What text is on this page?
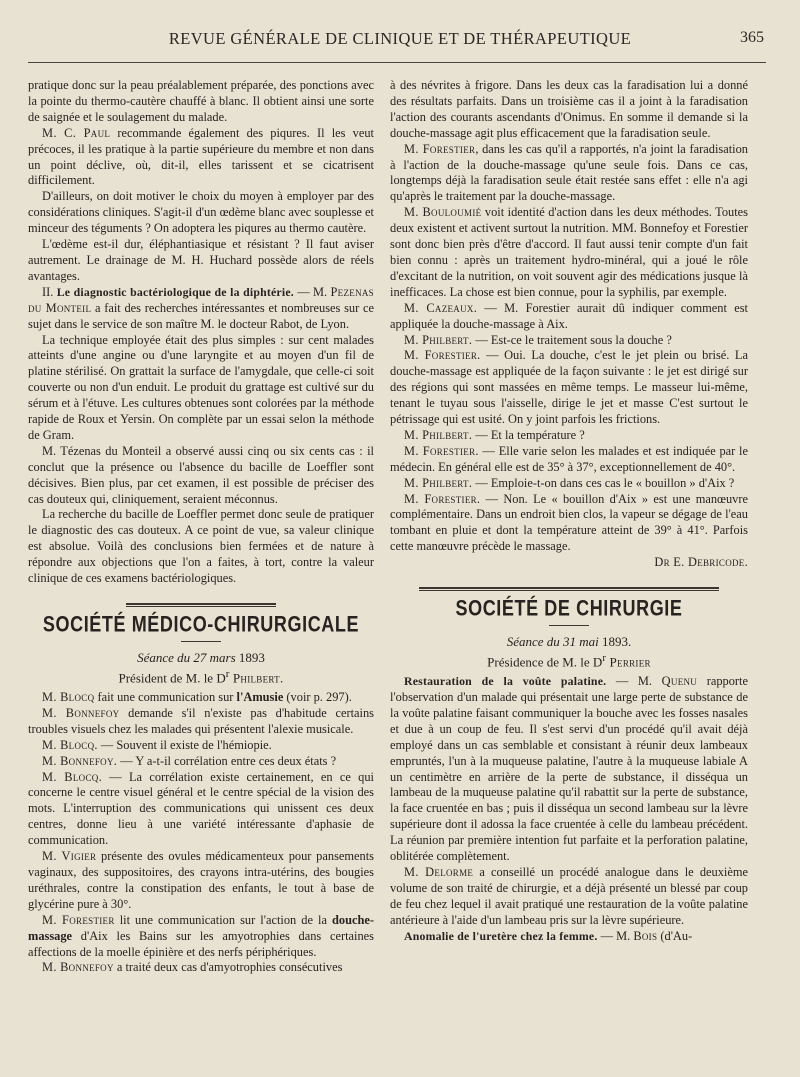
REVUE GÉNÉRALE DE CLINIQUE ET DE THÉRAPEUTIQUE	365

pratique donc sur la peau préalablement préparée, des ponctions avec la pointe du thermo-cautère chauffé à blanc. Il obtient ainsi une sorte de saignée et le soulagement du malade.

M. C. Paul recommande également des piqures. Il les veut précoces, il les pratique à la partie supérieure du membre et non dans un point déclive, où, dit-il, elles tarissent et se cicatrisent difficilement.

D'ailleurs, on doit motiver le choix du moyen à employer par des considérations cliniques. S'agit-il d'un œdème blanc avec souplesse et minceur des téguments ? On adoptera les piqures au thermo cautère.

L'œdème est-il dur, éléphantiasique et résistant ? Il faut aviser autrement. Le drainage de M. H. Huchard possède alors de réels avantages.

II. Le diagnostic bactériologique de la diphtérie. — M. Pezenas du Monteil a fait des recherches intéressantes et nombreuses sur ce sujet dans le service de son maître M. le docteur Rabot, de Lyon.

La technique employée était des plus simples : sur cent malades atteints d'une angine ou d'une laryngite et au moyen d'un fil de platine stérilisé. On grattait la surface de l'amygdale, que celle-ci soit couverte ou non d'un enduit. Le produit du grattage est cultivé sur du sérum et à l'étuve. Les cultures obtenues sont colorées par la méthode rapide de Roux et Yersin. On complète par un essai selon la méthode de Gram.

M. Tézenas du Monteil a observé aussi cinq ou six cents cas : il conclut que la présence ou l'absence du bacille de Loeffler sont décisives. Bien plus, par cet examen, il est possible de préciser des cas douteux qui, cliniquement, seraient méconnus.

La recherche du bacille de Loeffler permet donc seule de pratiquer le diagnostic des cas douteux. A ce point de vue, sa valeur clinique est absolue. Voilà des conclusions bien fermées et de nature à répondre aux objections que l'on a faites, à tort, contre la valeur clinique de ces examens bactériologiques.

SOCIÉTÉ MÉDICO-CHIRURGICALE
Séance du 27 mars 1893
Président de M. le $D^r$ Philbert.

M. Blocq fait une communication sur l'Amusie (voir p. 297).

M. Bonnefoy demande s'il n'existe pas d'habitude certains troubles visuels chez les malades qui présentent l'alexie musicale.

M. Blocq. — Souvent il existe de l'hémiopie.

M. Bonnefoy. — Y a-t-il corrélation entre ces deux états ?

M. Blocq. — La corrélation existe certainement, en ce qui concerne le centre visuel général et le centre spécial de la vision des mots. L'interruption des communications qui unissent ces deux centres, donne lieu à une variété intéressante d'aphasie de communication.

M. Vigier présente des ovules médicamenteux pour pansements vaginaux, des suppositoires, des crayons intra-utérins, des bougies uréthrales, contre la constipation des enfants, le tout à base de glycérine pure à 30°.

M. Forestier lit une communication sur l'action de la douche-massage d'Aix les Bains sur les amyotrophies dans certaines affections de la moelle épinière et des nerfs périphériques.

M. Bonnefoy a traité deux cas d'amyotrophies consécutives

à des névrites à frigore. Dans les deux cas la faradisation lui a donné des résultats parfaits. Dans un troisième cas il a joint à la faradisation l'action des courants ascendants d'Onimus. En somme il demande si la douche-massage agit plus efficacement que la faradisation seule.

M. Forestier, dans les cas qu'il a rapportés, n'a joint la faradisation à l'action de la douche-massage qu'une seule fois. Dans ce cas, longtemps déjà la faradisation seule était restée sans effet : elle n'a agi qu'après le traitement par la douche-massage.

M. Bouloumié voit identité d'action dans les deux méthodes. Toutes deux existent et activent surtout la nutrition. MM. Bonnefoy et Forestier sont donc bien près d'être d'accord. Il faut aussi tenir compte d'un fait bien connu : après un traitement hydro-minéral, qui a joué le rôle d'excitant de la nutrition, on voit souvent agir des médications jusque là inefficaces. La chose est bien connue, pour la syphilis, par exemple.

M. Cazeaux. — M. Forestier aurait dû indiquer comment est appliquée la douche-massage à Aix.

M. Philbert. — Est-ce le traitement sous la douche ?

M. Forestier. — Oui. La douche, c'est le jet plein ou brisé. La douche-massage est appliquée de la façon suivante : le jet est dirigé sur des régions qui sont massées en même temps. Le masseur lui-même, tenant le tuyau sous l'aisselle, dirige le jet et masse C'est surtout le pétrissage qui est usité. On y joint parfois les frictions.

M. Philbert. — Et la température ?

M. Forestier. — Elle varie selon les malades et est indiquée par le médecin. En général elle est de 35° à 37°, exceptionnellement de 40°.

M. Philbert. — Emploie-t-on dans ces cas le « bouillon » d'Aix ?

M. Forestier. — Non. Le « bouillon d'Aix » est une manœuvre complémentaire. Dans un endroit bien clos, la vapeur se dégage de l'eau tombant en pluie et dont la température atteint de 39° à 41°. Parfois cette manœuvre précède le massage.

Dr E. Debricode.

SOCIÉTÉ DE CHIRURGIE
Séance du 31 mai 1893.
Présidence de M. le $D^r$ Perrier

Restauration de la voûte palatine. — M. Quenu rapporte l'observation d'un malade qui présentait une large perte de substance de la voûte palatine faisant communiquer la bouche avec les fosses nasales et due à un coup de feu. Il s'est servi d'un procédé qu'il avait déjà employé dans un cas semblable et consistant à réunir deux lambeaux empruntés, l'un à la muqueuse palatine, l'autre à la muqueuse labiale A un centimètre en arrière de la perte de substance, il disséqua un lambeau de la muqueuse palatine qu'il rabattit sur la perte de substance, la face cruentée en bas ; puis il disséqua un second lambeau sur la lèvre supérieure dont il adossa la face cruentée à celle du lambeau précédent. La réunion par première intention fut parfaite et la perforation palatine, oblitérée complètement.

M. Delorme a conseillé un procédé analogue dans le deuxième volume de son traité de chirurgie, et a déjà présenté un blessé par coup de feu chez lequel il avait pratiqué une restauration de la voûte palatine antérieure à l'aide d'un lambeau pris sur la lèvre supérieure.

Anomalie de l'uretère chez la femme. — M. Bois (d'Au-
